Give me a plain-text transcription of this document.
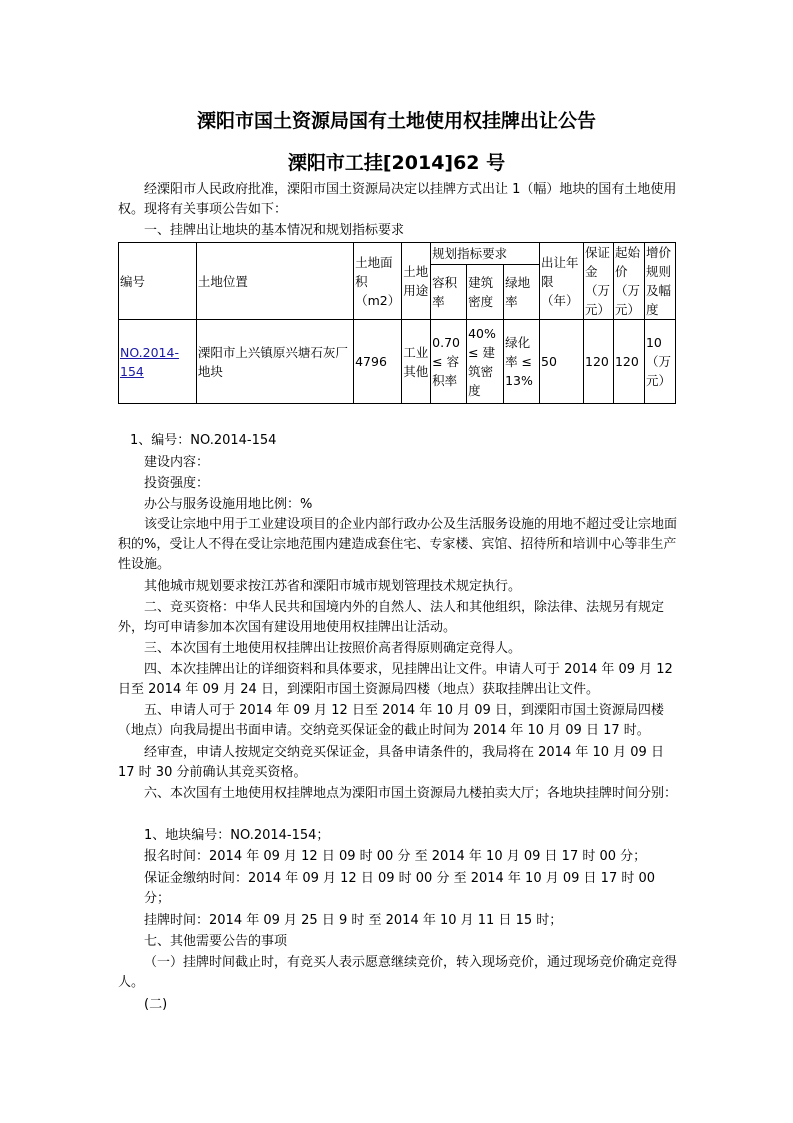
溧阳市国土资源局国有土地使用权挂牌出让公告
溧阳市工挂[2014]62 号
经溧阳市人民政府批准，溧阳市国土资源局决定以挂牌方式出让 1（幅）地块的国有土地使用权。现将有关事项公告如下：
一、挂牌出让地块的基本情况和规划指标要求
编号	土地位置	土地面积（m2）	土地用途	规划指标要求			出让年限（年）	保证金（万元）	起始价（万元）	增价规则及幅度
				容积率	建筑密度	绿地率				
NO.2014-154	溧阳市上兴镇原兴塘石灰厂地块	4796	工业其他	0.70 ≤ 容积率	40% ≤ 建筑密度	绿化率 ≤ 13%	50	120	120	10（万元）
1、编号：NO.2014-154
建设内容：
投资强度：
办公与服务设施用地比例：%
该受让宗地中用于工业建设项目的企业内部行政办公及生活服务设施的用地不超过受让宗地面积的%，受让人不得在受让宗地范围内建造成套住宅、专家楼、宾馆、招待所和培训中心等非生产性设施。
其他城市规划要求按江苏省和溧阳市城市规划管理技术规定执行。
二、竞买资格：中华人民共和国境内外的自然人、法人和其他组织，除法律、法规另有规定外，均可申请参加本次国有建设用地使用权挂牌出让活动。
三、本次国有土地使用权挂牌出让按照价高者得原则确定竞得人。
四、本次挂牌出让的详细资料和具体要求，见挂牌出让文件。申请人可于 2014 年 09 月 12 日至 2014 年 09 月 24 日，到溧阳市国土资源局四楼（地点）获取挂牌出让文件。
五、申请人可于 2014 年 09 月 12 日至 2014 年 10 月 09 日，到溧阳市国土资源局四楼（地点）向我局提出书面申请。交纳竞买保证金的截止时间为 2014 年 10 月 09 日 17 时。
经审查，申请人按规定交纳竞买保证金，具备申请条件的，我局将在 2014 年 10 月 09 日 17 时 30 分前确认其竞买资格。
六、本次国有土地使用权挂牌地点为溧阳市国土资源局九楼拍卖大厅；各地块挂牌时间分别：
1、地块编号：NO.2014-154；
报名时间：2014 年 09 月 12 日 09 时 00 分 至 2014 年 10 月 09 日 17 时 00 分；
保证金缴纳时间：2014 年 09 月 12 日 09 时 00 分 至 2014 年 10 月 09 日 17 时 00 分；
挂牌时间：2014 年 09 月 25 日 9 时 至 2014 年 10 月 11 日 15 时；
七、其他需要公告的事项
（一）挂牌时间截止时，有竞买人表示愿意继续竞价，转入现场竞价，通过现场竞价确定竞得人。
(二)
